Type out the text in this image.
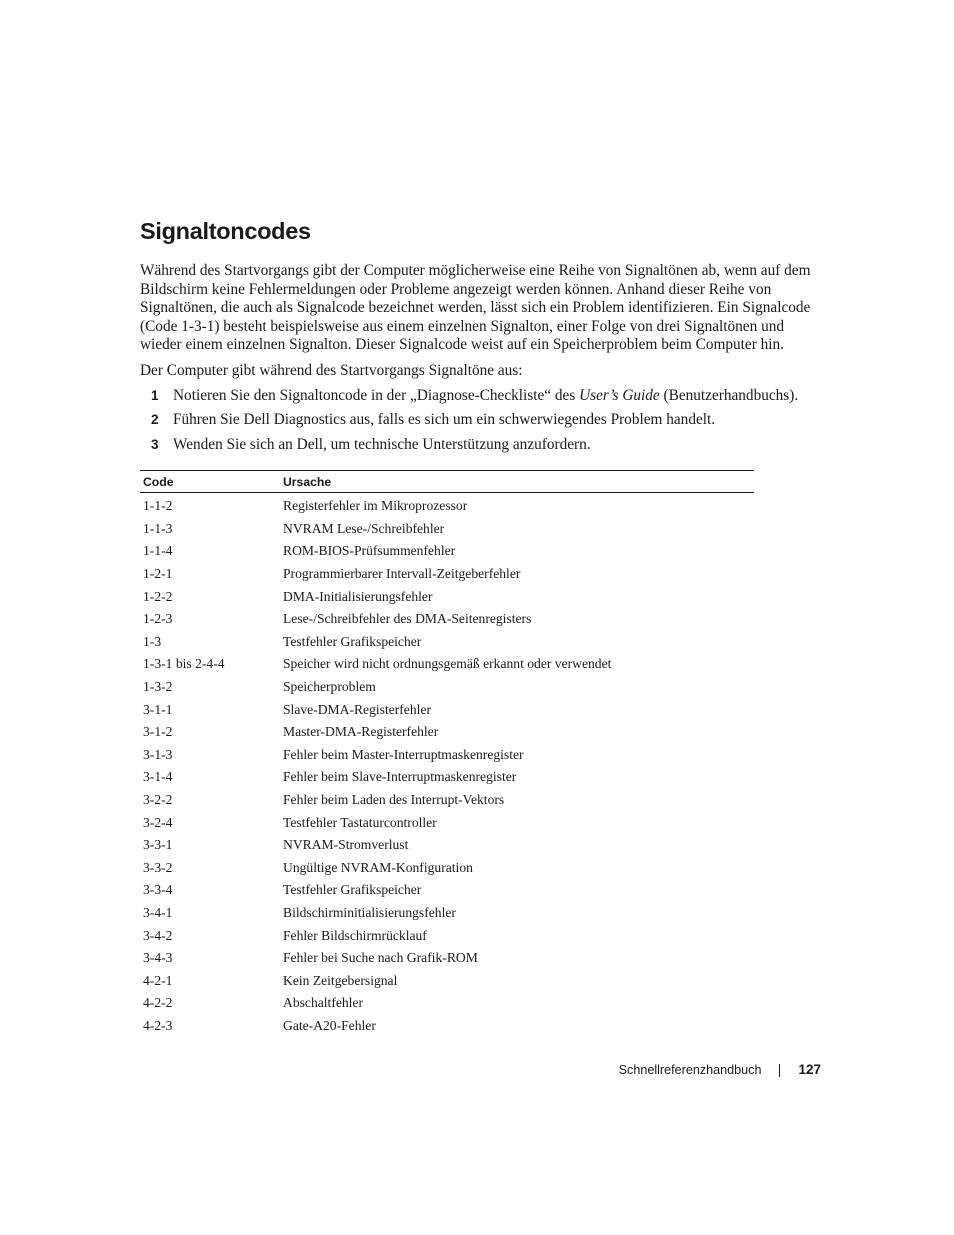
Signaltoncodes

Während des Startvorgangs gibt der Computer möglicherweise eine Reihe von Signaltönen ab, wenn auf dem Bildschirm keine Fehlermeldungen oder Probleme angezeigt werden können. Anhand dieser Reihe von Signaltönen, die auch als Signalcode bezeichnet werden, lässt sich ein Problem identifizieren. Ein Signalcode (Code 1-3-1) besteht beispielsweise aus einem einzelnen Signalton, einer Folge von drei Signaltönen und wieder einem einzelnen Signalton. Dieser Signalcode weist auf ein Speicherproblem beim Computer hin.

Der Computer gibt während des Startvorgangs Signaltöne aus:

1 Notieren Sie den Signaltoncode in der „Diagnose-Checkliste“ des User’s Guide (Benutzerhandbuchs).
2 Führen Sie Dell Diagnostics aus, falls es sich um ein schwerwiegendes Problem handelt.
3 Wenden Sie sich an Dell, um technische Unterstützung anzufordern.
Code	Ursache
1-1-2	Registerfehler im Mikroprozessor
1-1-3	NVRAM Lese-/Schreibfehler
1-1-4	ROM-BIOS-Prüfsummenfehler
1-2-1	Programmierbarer Intervall-Zeitgeberfehler
1-2-2	DMA-Initialisierungsfehler
1-2-3	Lese-/Schreibfehler des DMA-Seitenregisters
1-3	Testfehler Grafikspeicher
1-3-1 bis 2-4-4	Speicher wird nicht ordnungsgemäß erkannt oder verwendet
1-3-2	Speicherproblem
3-1-1	Slave-DMA-Registerfehler
3-1-2	Master-DMA-Registerfehler
3-1-3	Fehler beim Master-Interruptmaskenregister
3-1-4	Fehler beim Slave-Interruptmaskenregister
3-2-2	Fehler beim Laden des Interrupt-Vektors
3-2-4	Testfehler Tastaturcontroller
3-3-1	NVRAM-Stromverlust
3-3-2	Ungültige NVRAM-Konfiguration
3-3-4	Testfehler Grafikspeicher
3-4-1	Bildschirminitialisierungsfehler
3-4-2	Fehler Bildschirmrücklauf
3-4-3	Fehler bei Suche nach Grafik-ROM
4-2-1	Kein Zeitgebersignal
4-2-2	Abschaltfehler
4-2-3	Gate-A20-Fehler
Schnellreferenzhandbuch	127
